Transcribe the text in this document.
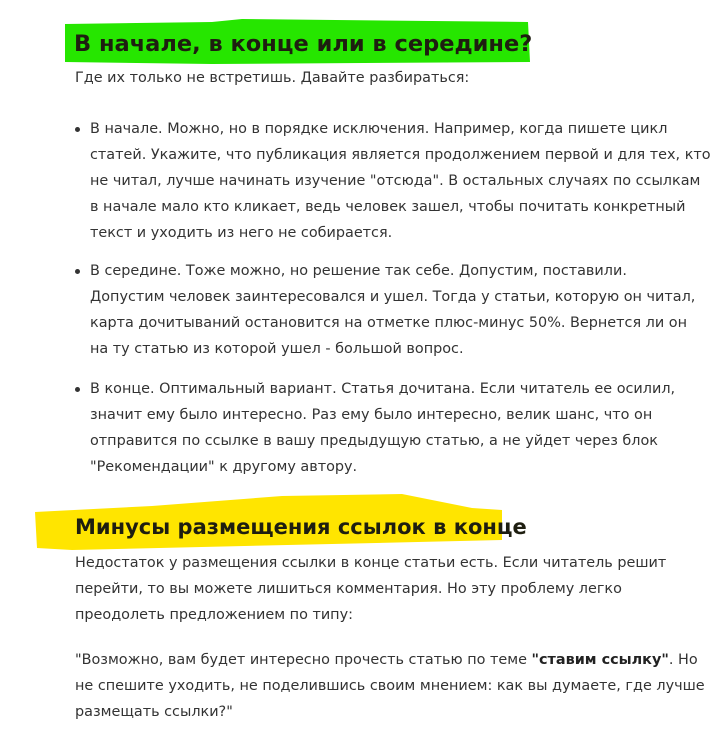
В начале, в конце или в середине?
Где их только не встретишь. Давайте разбираться:
В начале. Можно, но в порядке исключения. Например, когда пишете цикл
статей. Укажите, что публикация является продолжением первой и для тех, кто
не читал, лучше начинать изучение "отсюда". В остальных случаях по ссылкам
в начале мало кто кликает, ведь человек зашел, чтобы почитать конкретный
текст и уходить из него не собирается.
В середине. Тоже можно, но решение так себе. Допустим, поставили.
Допустим человек заинтересовался и ушел. Тогда у статьи, которую он читал,
карта дочитываний остановится на отметке плюс-минус 50%. Вернется ли он
на ту статью из которой ушел - большой вопрос.
В конце. Оптимальный вариант. Статья дочитана. Если читатель ее осилил,
значит ему было интересно. Раз ему было интересно, велик шанс, что он
отправится по ссылке в вашу предыдущую статью, а не уйдет через блок
"Рекомендации" к другому автору.
Минусы размещения ссылок в конце
Недостаток у размещения ссылки в конце статьи есть. Если читатель решит
перейти, то вы можете лишиться комментария. Но эту проблему легко
преодолеть предложением по типу:
"Возможно, вам будет интересно прочесть статью по теме "ставим ссылку". Но
не спешите уходить, не поделившись своим мнением: как вы думаете, где лучше
размещать ссылки?"
